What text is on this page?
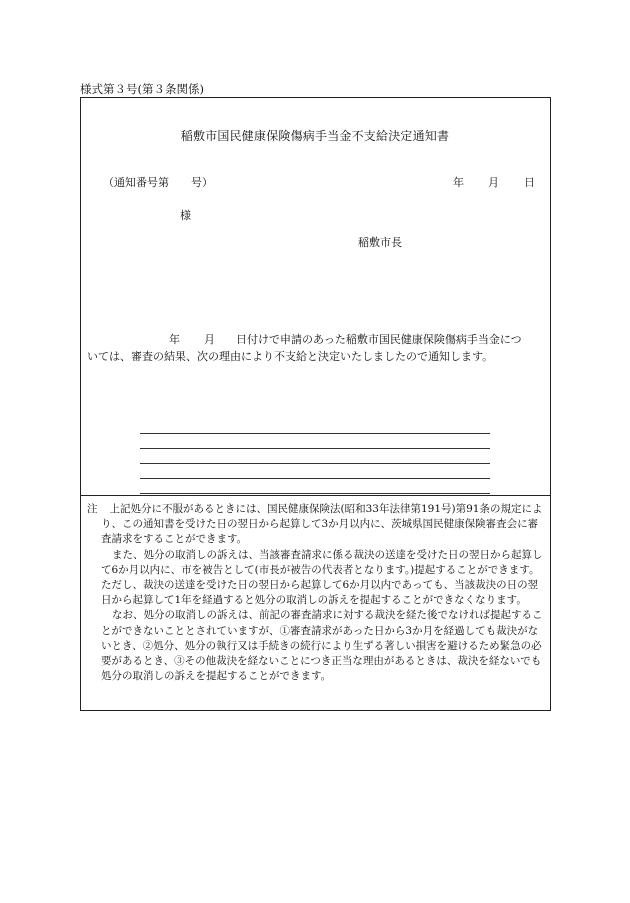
様式第３号(第３条関係)
稲敷市国民健康保険傷病手当金不支給決定通知書
（通知番号第 号）	年 月 日
様
稲敷市長
年 月 日付けで申請のあった稲敷市国民健康保険傷病手当金につ
いては、審査の結果、次の理由により不支給と決定いたしましたので通知します。

注 上記処分に不服があるときには、国民健康保険法(昭和33年法律第191号)第91条の規定により、この通知書を受けた日の翌日から起算して3か月以内に、茨城県国民健康保険審査会に審査請求をすることができます。

また、処分の取消しの訴えは、当該審査請求に係る裁決の送達を受けた日の翌日から起算して6か月以内に、市を被告として(市長が被告の代表者となります。)提起することができます。ただし、裁決の送達を受けた日の翌日から起算して6か月以内であっても、当該裁決の日の翌日から起算して1年を経過すると処分の取消しの訴えを提起することができなくなります。

なお、処分の取消しの訴えは、前記の審査請求に対する裁決を経た後でなければ提起することができないこととされていますが、①審査請求があった日から3か月を経過しても裁決がないとき、②処分、処分の執行又は手続きの続行により生ずる著しい損害を避けるため緊急の必要があるとき、③その他裁決を経ないことにつき正当な理由があるときは、裁決を経ないでも処分の取消しの訴えを提起することができます。
